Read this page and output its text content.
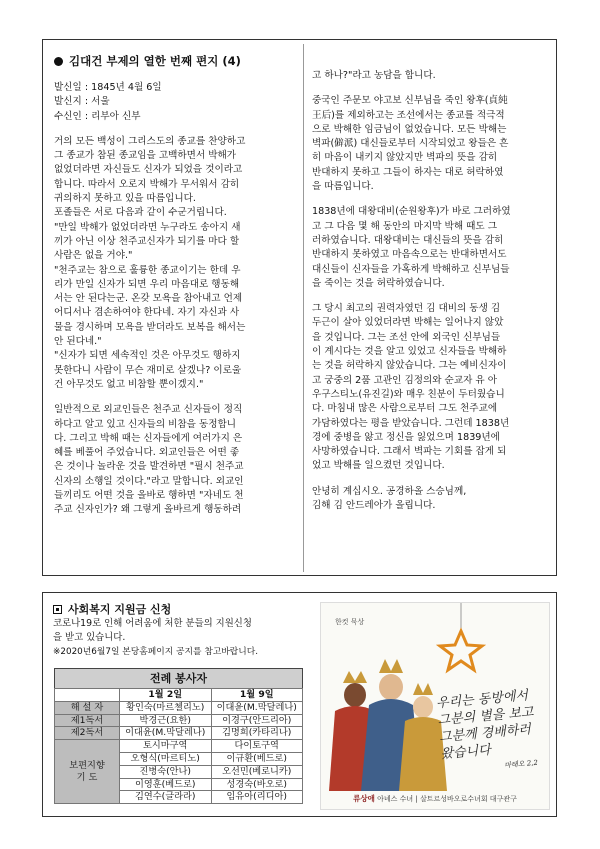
김대건 부제의 열한 번째 편지 (4)
발신일 : 1845년 4월 6일
발신지 : 서울
수신인 : 리부아 신부

거의 모든 백성이 그리스도의 종교를 찬양하고

그 종교가 참된 종교임을 고백하면서 박해가

없었더라면 자신들도 신자가 되었을 것이라고

합니다. 따라서 오로지 박해가 무서워서 감히

귀의하지 못하고 있을 따름입니다.

포졸들은 서로 다음과 같이 수군거립니다.

"만일 박해가 없었더라면 누구라도 송아지 새

끼가 아닌 이상 천주교신자가 되기를 마다 할

사람은 없을 거야."

"천주교는 참으로 훌륭한 종교이기는 한데 우

리가 만일 신자가 되면 우리 마음대로 행동해

서는 안 된다는군. 온갖 모욕을 참아내고 언제

어디서나 겸손하여야 한다네. 자기 자신과 사

물을 경시하며 모욕을 받더라도 보복을 해서는

안 된다네."

"신자가 되면 세속적인 것은 아무것도 행하지

못한다니 사람이 무슨 재미로 살겠나? 이로울

건 아무것도 없고 비참할 뿐이겠지."

일반적으로 외교인들은 천주교 신자들이 정직

하다고 알고 있고 신자들의 비참을 동정합니

다. 그리고 박해 때는 신자들에게 여러가지 은

혜를 베풀어 주었습니다. 외교인들은 어떤 좋

은 것이나 놀라운 것을 발견하면 "필시 천주교

신자의 소행일 것이다."라고 말합니다. 외교인

들끼리도 어떤 것을 올바로 행하면 "자네도 천

주교 신자인가? 왜 그렇게 올바르게 행동하려

고 하나?"라고 농담을 합니다.

중국인 주문모 야고보 신부님을 죽인 왕후(貞純

王后)를 제외하고는 조선에서는 종교를 적극적

으로 박해한 임금님이 없었습니다. 모든 박해는

벽파(僻派) 대신들로부터 시작되었고 왕들은 흔

히 마음이 내키지 않았지만 벽파의 뜻을 감히

반대하지 못하고 그들이 하자는 대로 허락하였

을 따름입니다.

1838년에 대왕대비(순원왕후)가 바로 그러하였

고 그 다음 몇 해 동안의 마지막 박해 때도 그

러하였습니다. 대왕대비는 대신들의 뜻을 감히

반대하지 못하였고 마음속으로는 반대하면서도

대신들이 신자들을 가혹하게 박해하고 신부님들

을 죽이는 것을 허락하였습니다.

그 당시 최고의 권력자였던 김 대비의 동생 김

두근이 살아 있었더라면 박해는 일어나지 않았

을 것입니다. 그는 조선 안에 외국인 신부님들

이 계시다는 것을 알고 있었고 신자들을 박해하

는 것을 허락하지 않았습니다. 그는 예비신자이

고 궁중의 2품 고관인 김정의와 순교자 유 아

우구스티노(유진길)와 매우 친분이 두터웠습니

다. 마침내 많은 사람으로부터 그도 천주교에

가담하였다는 평을 받았습니다. 그런데 1838년

경에 중병을 앓고 정신을 잃었으며 1839년에

사망하였습니다. 그래서 벽파는 기회를 잡게 되

었고 박해를 일으켰던 것입니다.

안녕히 계십시오. 공경하올 스승님께,

김해 김 안드레아가 올립니다.

사회복지 지원금 신청
코로나19로 인해 어려움에 처한 분들의 지원신청
을 받고 있습니다.
※2020년6월7일 본당홈페이지 공지를 참고바랍니다.
전례 봉사자
	1월 2일	1월 9일
해 설 자	황인숙(마르첼리노)	이대윤(M.막달레나)
제1독서	박경근(요한)	이경구(안드리아)
제2독서	이대윤(M.막달레나)	김명희(카타리나)

보편지향
기 도	토시마구역	다이토구역
	오형식(마르티노)	이규환(베드로)
	진병숙(안나)	오선민(베로니카)
	이영훈(베드로)	성경숙(바오로)
	김연수(글라라)	임유아(리디아)
한컷 묵상
우리는 동방에서
그분의 별을 보고
그분께 경배하러
왔습니다
마태오 2,2
류상애 아녜스 수녀 | 살트르성바오로수녀회 대구관구
